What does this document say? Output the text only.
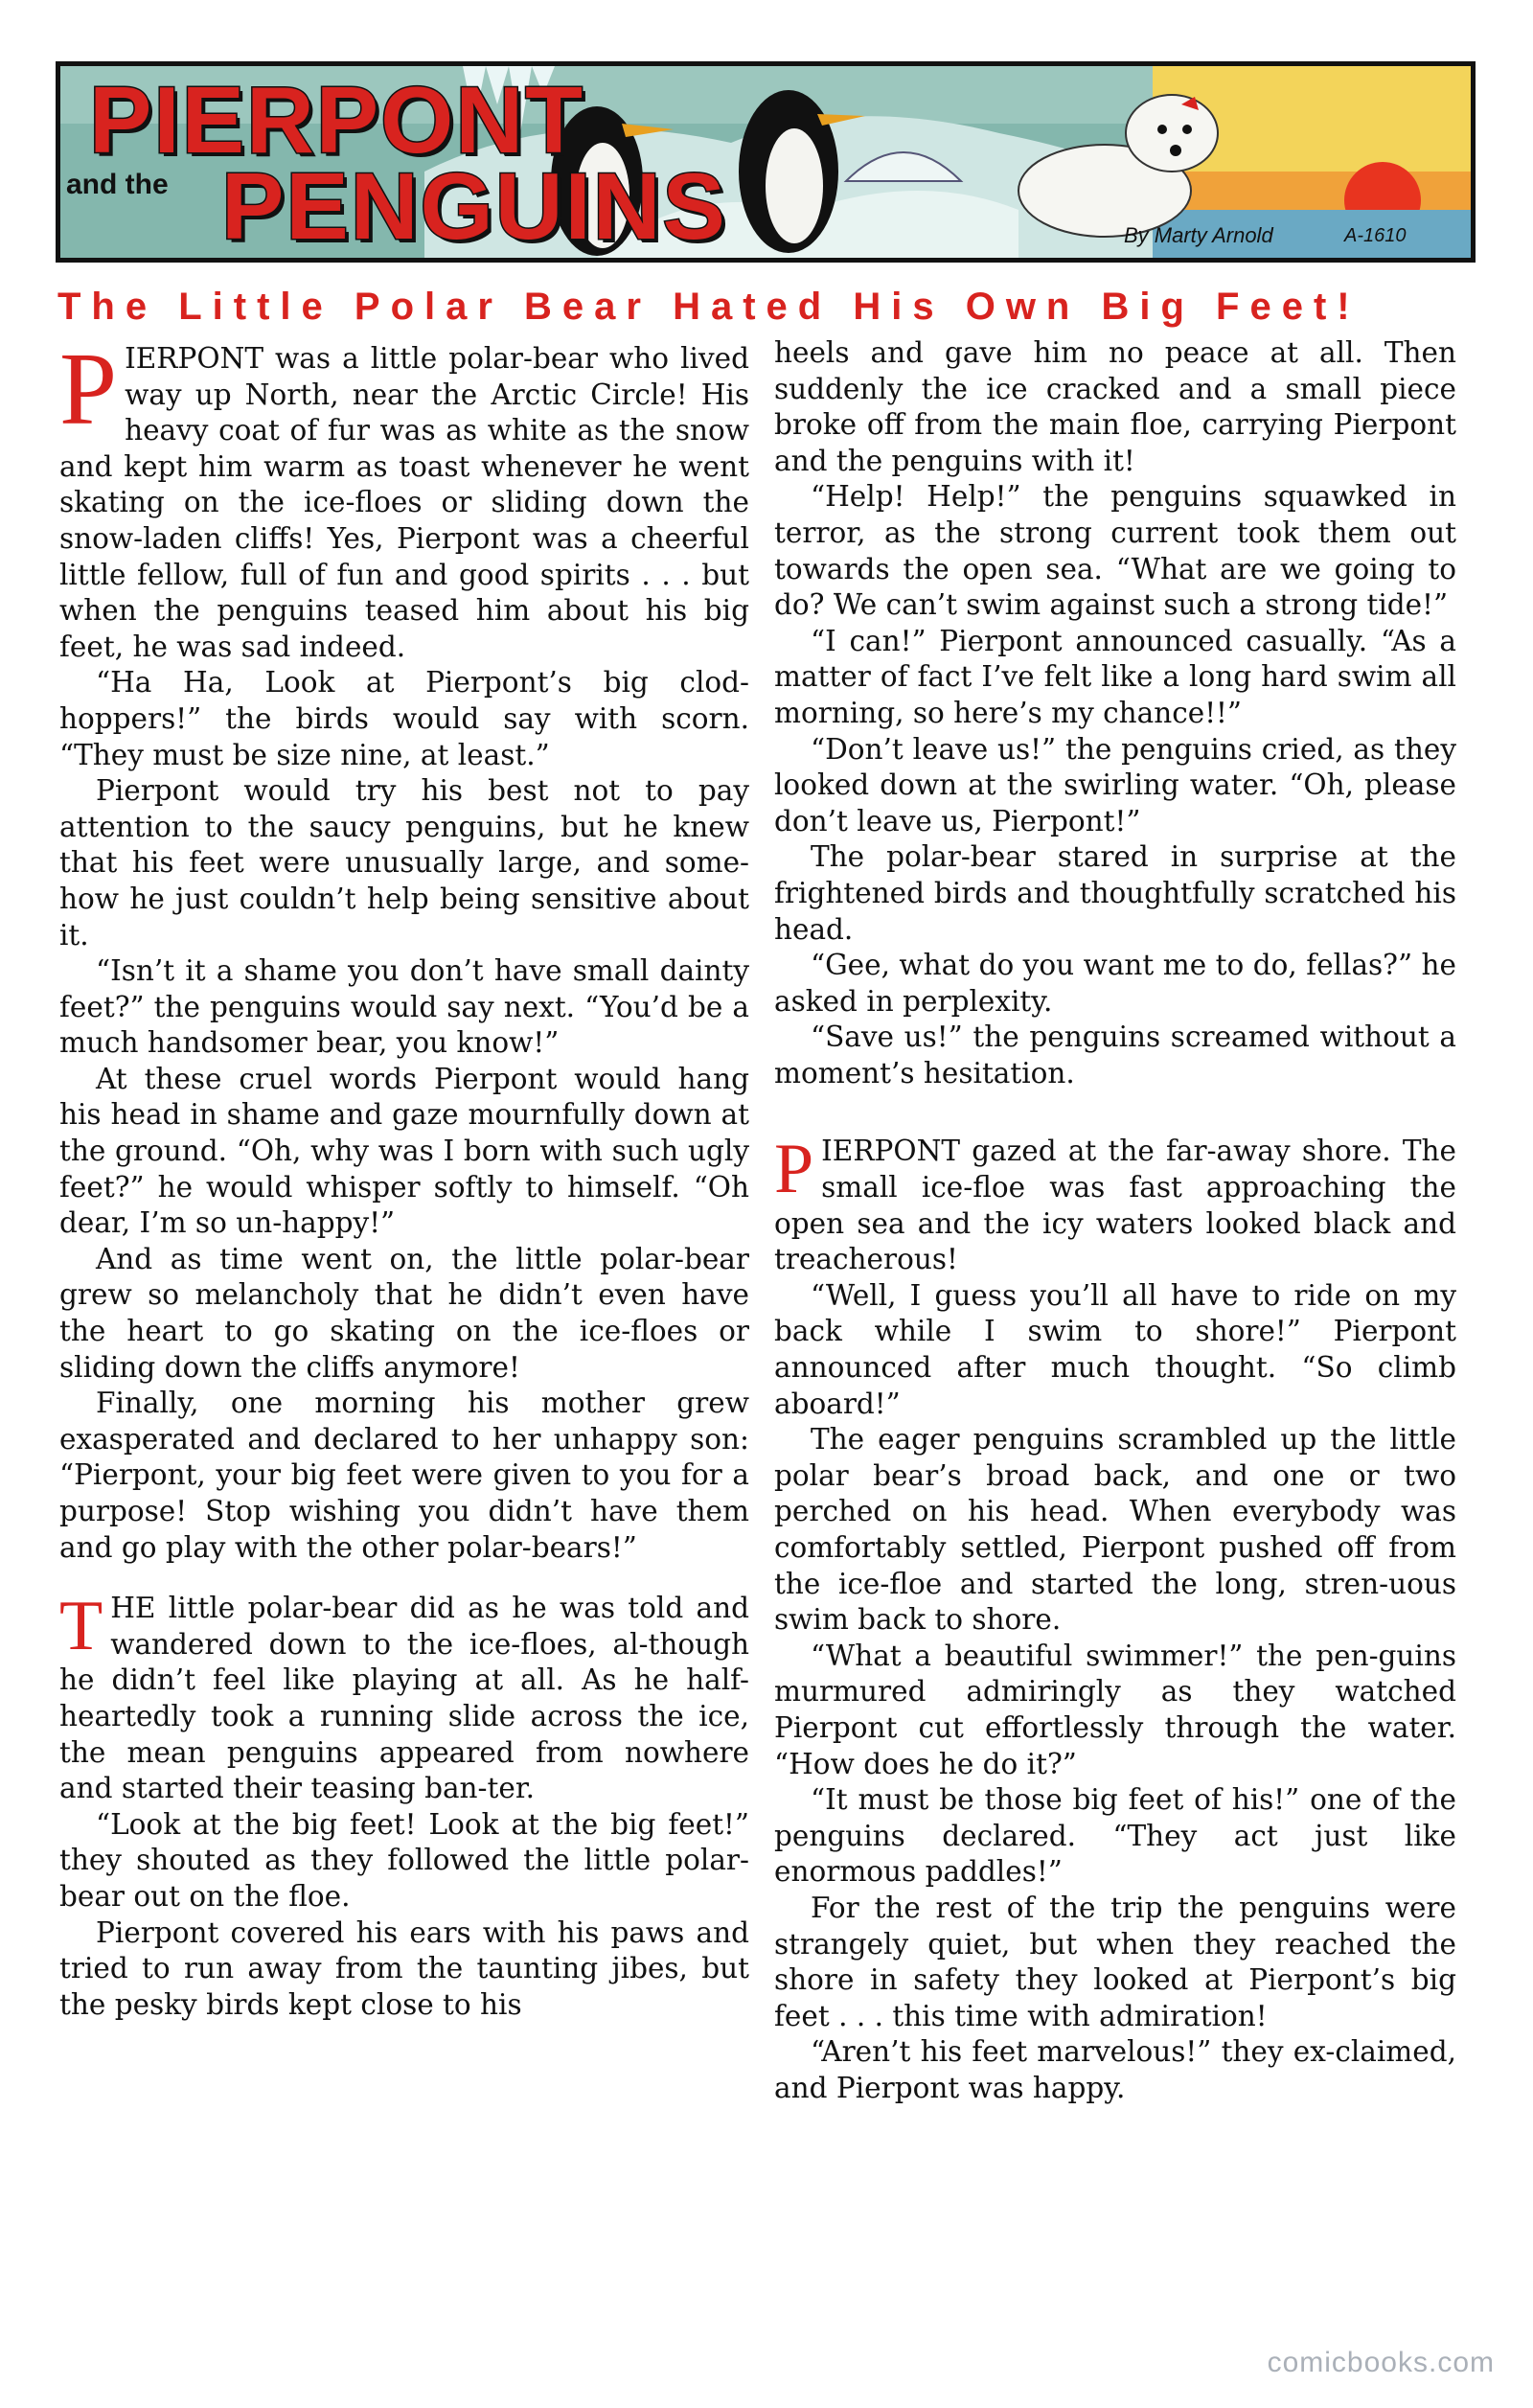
PIERPONT
and the PENGUINS	By Marty Arnold	A-1610
The Little Polar Bear Hated His Own Big Feet!

PIERPONT was a little polar-bear who lived way up North, near the Arctic Circle! His heavy coat of fur was as white as the snow and kept him warm as toast whenever he went skating on the ice-floes or sliding down the snow-laden cliffs! Yes, Pierpont was a cheerful little fellow, full of fun and good spirits . . . but when the penguins teased him about his big feet, he was sad indeed.

“Ha Ha, Look at Pierpont’s big clod-hoppers!” the birds would say with scorn. “They must be size nine, at least.”

Pierpont would try his best not to pay attention to the saucy penguins, but he knew that his feet were unusually large, and some-how he just couldn’t help being sensitive about it.

“Isn’t it a shame you don’t have small dainty feet?” the penguins would say next. “You’d be a much handsomer bear, you know!”

At these cruel words Pierpont would hang his head in shame and gaze mournfully down at the ground. “Oh, why was I born with such ugly feet?” he would whisper softly to himself. “Oh dear, I’m so un-happy!”

And as time went on, the little polar-bear grew so melancholy that he didn’t even have the heart to go skating on the ice-floes or sliding down the cliffs anymore!

Finally, one morning his mother grew exasperated and declared to her unhappy son: “Pierpont, your big feet were given to you for a purpose! Stop wishing you didn’t have them and go play with the other polar-bears!”

THE little polar-bear did as he was told and wandered down to the ice-floes, al-though he didn’t feel like playing at all. As he half-heartedly took a running slide across the ice, the mean penguins appeared from nowhere and started their teasing ban-ter.

“Look at the big feet! Look at the big feet!” they shouted as they followed the little polar-bear out on the floe.

Pierpont covered his ears with his paws and tried to run away from the taunting jibes, but the pesky birds kept close to his

heels and gave him no peace at all. Then suddenly the ice cracked and a small piece broke off from the main floe, carrying Pierpont and the penguins with it!

“Help! Help!” the penguins squawked in terror, as the strong current took them out towards the open sea. “What are we going to do? We can’t swim against such a strong tide!”

“I can!” Pierpont announced casually. “As a matter of fact I’ve felt like a long hard swim all morning, so here’s my chance!!”

“Don’t leave us!” the penguins cried, as they looked down at the swirling water. “Oh, please don’t leave us, Pierpont!”

The polar-bear stared in surprise at the frightened birds and thoughtfully scratched his head.

“Gee, what do you want me to do, fellas?” he asked in perplexity.

“Save us!” the penguins screamed without a moment’s hesitation.

PIERPONT gazed at the far-away shore. The small ice-floe was fast approaching the open sea and the icy waters looked black and treacherous!

“Well, I guess you’ll all have to ride on my back while I swim to shore!” Pierpont announced after much thought. “So climb aboard!”

The eager penguins scrambled up the little polar bear’s broad back, and one or two perched on his head. When everybody was comfortably settled, Pierpont pushed off from the ice-floe and started the long, stren-uous swim back to shore.

“What a beautiful swimmer!” the pen-guins murmured admiringly as they watched Pierpont cut effortlessly through the water. “How does he do it?”

“It must be those big feet of his!” one of the penguins declared. “They act just like enormous paddles!”

For the rest of the trip the penguins were strangely quiet, but when they reached the shore in safety they looked at Pierpont’s big feet . . . this time with admiration!

“Aren’t his feet marvelous!” they ex-claimed, and Pierpont was happy.

comicbooks.com
